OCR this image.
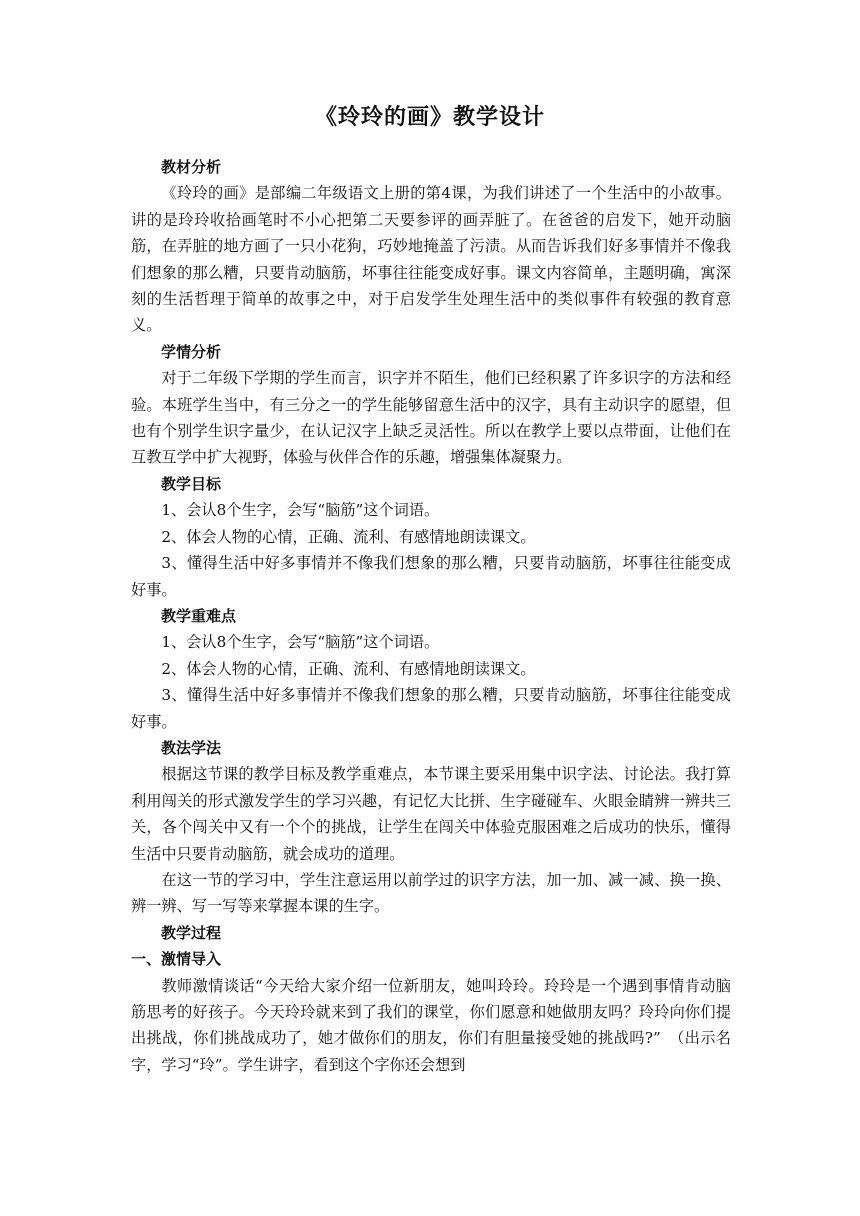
《玲玲的画》教学设计

教材分析

《玲玲的画》是部编二年级语文上册的第4课，为我们讲述了一个生活中的小故事。讲的是玲玲收拾画笔时不小心把第二天要参评的画弄脏了。在爸爸的启发下，她开动脑筋，在弄脏的地方画了一只小花狗，巧妙地掩盖了污渍。从而告诉我们好多事情并不像我们想象的那么糟，只要肯动脑筋，坏事往往能变成好事。课文内容简单，主题明确，寓深刻的生活哲理于简单的故事之中，对于启发学生处理生活中的类似事件有较强的教育意义。

学情分析

对于二年级下学期的学生而言，识字并不陌生，他们已经积累了许多识字的方法和经验。本班学生当中，有三分之一的学生能够留意生活中的汉字，具有主动识字的愿望，但也有个别学生识字量少，在认记汉字上缺乏灵活性。所以在教学上要以点带面，让他们在互教互学中扩大视野，体验与伙伴合作的乐趣，增强集体凝聚力。

教学目标

1、会认8个生字，会写“脑筋”这个词语。

2、体会人物的心情，正确、流利、有感情地朗读课文。

3、懂得生活中好多事情并不像我们想象的那么糟，只要肯动脑筋，坏事往往能变成好事。

教学重难点

1、会认8个生字，会写“脑筋”这个词语。

2、体会人物的心情，正确、流利、有感情地朗读课文。

3、懂得生活中好多事情并不像我们想象的那么糟，只要肯动脑筋，坏事往往能变成好事。

教法学法

根据这节课的教学目标及教学重难点，本节课主要采用集中识字法、讨论法。我打算利用闯关的形式激发学生的学习兴趣，有记忆大比拼、生字碰碰车、火眼金睛辨一辨共三关，各个闯关中又有一个个的挑战，让学生在闯关中体验克服困难之后成功的快乐，懂得生活中只要肯动脑筋，就会成功的道理。

在这一节的学习中，学生注意运用以前学过的识字方法，加一加、减一减、换一换、辨一辨、写一写等来掌握本课的生字。

教学过程

一、激情导入

教师激情谈话“今天给大家介绍一位新朋友，她叫玲玲。玲玲是一个遇到事情肯动脑筋思考的好孩子。今天玲玲就来到了我们的课堂，你们愿意和她做朋友吗？玲玲向你们提出挑战，你们挑战成功了，她才做你们的朋友，你们有胆量接受她的挑战吗?”　（出示名字，学习“玲”。学生讲字，看到这个字你还会想到
